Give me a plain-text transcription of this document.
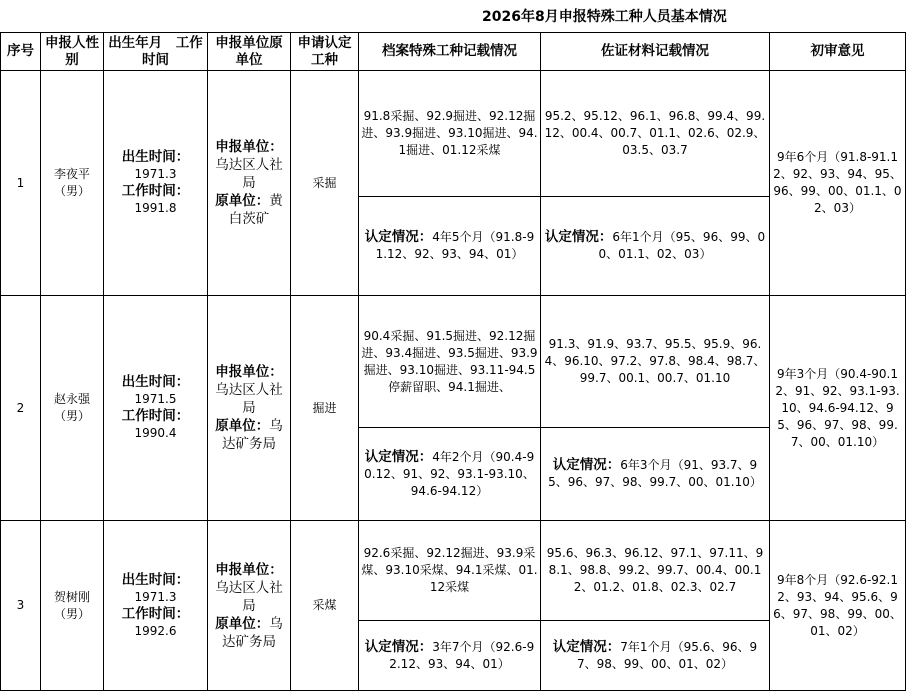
2026年8月申报特殊工种人员基本情况
序号	申报人性别	出生年月　工作时间	申报单位原单位	申请认定工种	档案特殊工种记载情况	佐证材料记载情况	初审意见
1	李夜平
（男）	出生时间：
1971.3
工作时间：
1991.8	申报单位：乌达区人社局
原单位：黄白茨矿	采掘	91.8采掘、92.9掘进、92.12掘进、93.9掘进、93.10掘进、94.1掘进、01.12采煤	95.2、95.12、96.1、96.8、99.4、99.12、00.4、00.7、01.1、02.6、02.9、03.5、03.7	9年6个月（91.8-91.12、92、93、94、95、96、99、00、01.1、02、03）
					认定情况：4年5个月（91.8-91.12、92、93、94、01）	认定情况：6年1个月（95、96、99、00、01.1、02、03）	
2	赵永强
（男）	出生时间：
1971.5
工作时间：
1990.4	申报单位：乌达区人社局
原单位：乌达矿务局	掘进	90.4采掘、91.5掘进、92.12掘进、93.4掘进、93.5掘进、93.9掘进、93.10掘进、93.11-94.5停薪留职、94.1掘进、	91.3、91.9、93.7、95.5、95.9、96.4、96.10、97.2、97.8、98.4、98.7、99.7、00.1、00.7、01.10	9年3个月（90.4-90.12、91、92、93.1-93.10、94.6-94.12、95、96、97、98、99.7、00、01.10）
					认定情况：4年2个月（90.4-90.12、91、92、93.1-93.10、94.6-94.12）	认定情况：6年3个月（91、93.7、95、96、97、98、99.7、00、01.10）	
3	贺树刚
（男）	出生时间：
1971.3
工作时间：
1992.6	申报单位：乌达区人社局
原单位：乌达矿务局	采煤	92.6采掘、92.12掘进、93.9采煤、93.10采煤、94.1采煤、01.12采煤	95.6、96.3、96.12、97.1、97.11、98.1、98.8、99.2、99.7、00.4、00.12、01.2、01.8、02.3、02.7	9年8个月（92.6-92.12、93、94、95.6、96、97、98、99、00、01、02）
					认定情况：3年7个月（92.6-92.12、93、94、01）	认定情况：7年1个月（95.6、96、97、98、99、00、01、02）	
